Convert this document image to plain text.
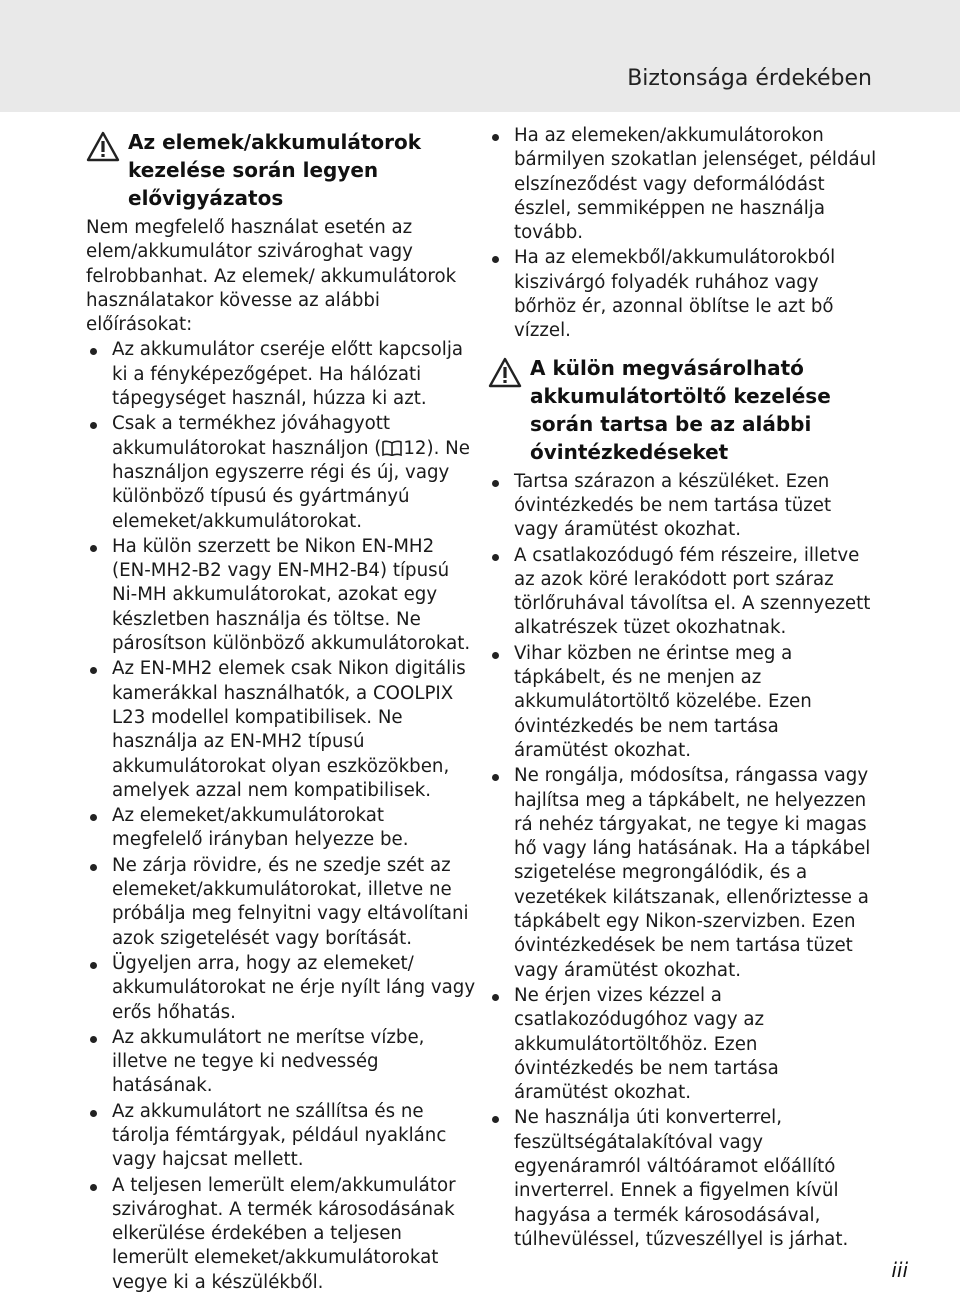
Biztonsága érdekében
Az elemek/akkumulátorok kezelése során legyen elővigyázatos

Nem megfelelő használat esetén az elem/akkumulátor szivároghat vagy felrobbanhat. Az elemek/ akkumulátorok használatakor kövesse az alábbi előírásokat:

Az akkumulátor cseréje előtt kapcsolja ki a fényképezőgépet. Ha hálózati tápegységet használ, húzza ki azt.
Csak a termékhez jóváhagyott akkumulátorokat használjon ( 12). Ne használjon egyszerre régi és új, vagy különböző típusú és gyártmányú elemeket/akkumulátorokat.
Ha külön szerzett be Nikon EN-MH2 (EN-MH2-B2 vagy EN-MH2-B4) típusú Ni-MH akkumulátorokat, azokat egy készletben használja és töltse. Ne párosítson különböző akkumulátorokat.
Az EN-MH2 elemek csak Nikon digitális kamerákkal használhatók, a COOLPIX L23 modellel kompatibilisek. Ne használja az EN-MH2 típusú akkumulátorokat olyan eszközökben, amelyek azzal nem kompatibilisek.
Az elemeket/akkumulátorokat megfelelő irányban helyezze be.
Ne zárja rövidre, és ne szedje szét az elemeket/akkumulátorokat, illetve ne próbálja meg felnyitni vagy eltávolítani azok szigetelését vagy borítását.
Ügyeljen arra, hogy az elemeket/ akkumulátorokat ne érje nyílt láng vagy erős hőhatás.
Az akkumulátort ne merítse vízbe, illetve ne tegye ki nedvesség hatásának.
Az akkumulátort ne szállítsa és ne tárolja fémtárgyak, például nyaklánc vagy hajcsat mellett.
A teljesen lemerült elem/akkumulátor szivároghat. A termék károsodásának elkerülése érdekében a teljesen lemerült elemeket/akkumulátorokat vegye ki a készülékből.
Ha az elemeken/akkumulátorokon bármilyen szokatlan jelenséget, például elszíneződést vagy deformálódást észlel, semmiképpen ne használja tovább.
Ha az elemekből/akkumulátorokból kiszivárgó folyadék ruhához vagy bőrhöz ér, azonnal öblítse le azt bő vízzel.
A külön megvásárolható akkumulátortöltő kezelése során tartsa be az alábbi óvintézkedéseket
Tartsa szárazon a készüléket. Ezen óvintézkedés be nem tartása tüzet vagy áramütést okozhat.
A csatlakozódugó fém részeire, illetve az azok köré lerakódott port száraz törlőruhával távolítsa el. A szennyezett alkatrészek tüzet okozhatnak.
Vihar közben ne érintse meg a tápkábelt, és ne menjen az akkumulátortöltő közelébe. Ezen óvintézkedés be nem tartása áramütést okozhat.
Ne rongálja, módosítsa, rángassa vagy hajlítsa meg a tápkábelt, ne helyezzen rá nehéz tárgyakat, ne tegye ki magas hő vagy láng hatásának. Ha a tápkábel szigetelése megrongálódik, és a vezetékek kilátszanak, ellenőriztesse a tápkábelt egy Nikon-szervizben. Ezen óvintézkedések be nem tartása tüzet vagy áramütést okozhat.
Ne érjen vizes kézzel a csatlakozódugóhoz vagy az akkumulátortöltőhöz. Ezen óvintézkedés be nem tartása áramütést okozhat.
Ne használja úti konverterrel, feszültségátalakítóval vagy egyenáramról váltóáramot előállító inverterrel. Ennek a figyelmen kívül hagyása a termék károsodásával, túlhevüléssel, tűzveszéllyel is járhat.
iii
